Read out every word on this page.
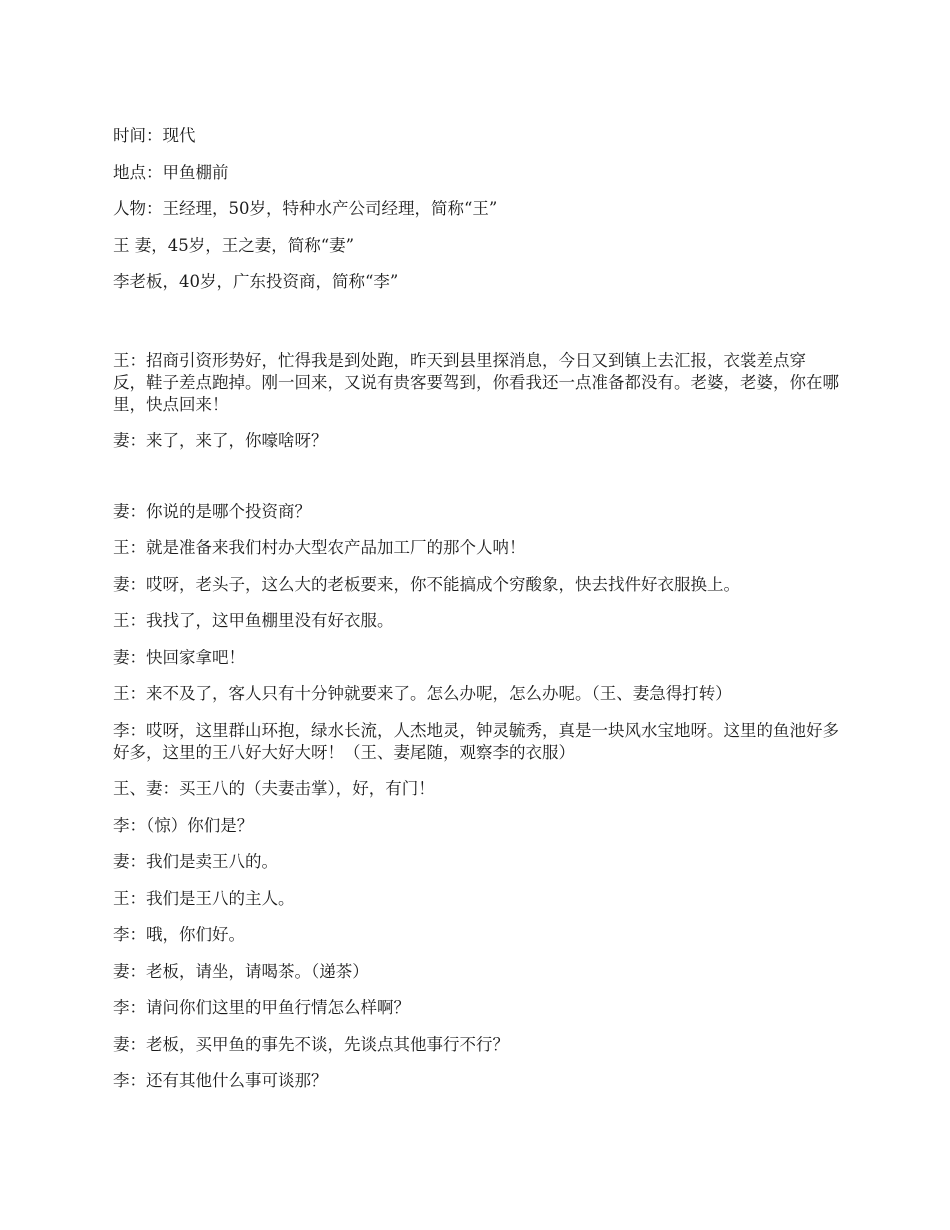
时间：现代

地点：甲鱼棚前

人物：王经理，50岁，特种水产公司经理，简称“王”

王 妻，45岁，王之妻，简称“妻”

李老板，40岁，广东投资商，简称“李”

王：招商引资形势好，忙得我是到处跑，昨天到县里探消息，今日又到镇上去汇报，衣裳差点穿 反，鞋子差点跑掉。刚一回来，又说有贵客要驾到，你看我还一点准备都没有。老婆，老婆，你在哪里，快点回来！

妻：来了，来了，你嚎啥呀？

妻：你说的是哪个投资商？

王：就是准备来我们村办大型农产品加工厂的那个人呐！

妻：哎呀，老头子，这么大的老板要来，你不能搞成个穷酸象，快去找件好衣服换上。

王：我找了，这甲鱼棚里没有好衣服。

妻：快回家拿吧！

王：来不及了，客人只有十分钟就要来了。怎么办呢，怎么办呢。（王、妻急得打转）

李：哎呀，这里群山环抱，绿水长流，人杰地灵，钟灵毓秀，真是一块风水宝地呀。这里的鱼池好多好多，这里的王八好大好大呀！（王、妻尾随，观察李的衣服）

王、妻：买王八的（夫妻击掌），好，有门！

李：（惊）你们是？

妻：我们是卖王八的。

王：我们是王八的主人。

李：哦，你们好。

妻：老板，请坐，请喝茶。（递茶）

李：请问你们这里的甲鱼行情怎么样啊？

妻：老板，买甲鱼的事先不谈，先谈点其他事行不行？

李：还有其他什么事可谈那？
